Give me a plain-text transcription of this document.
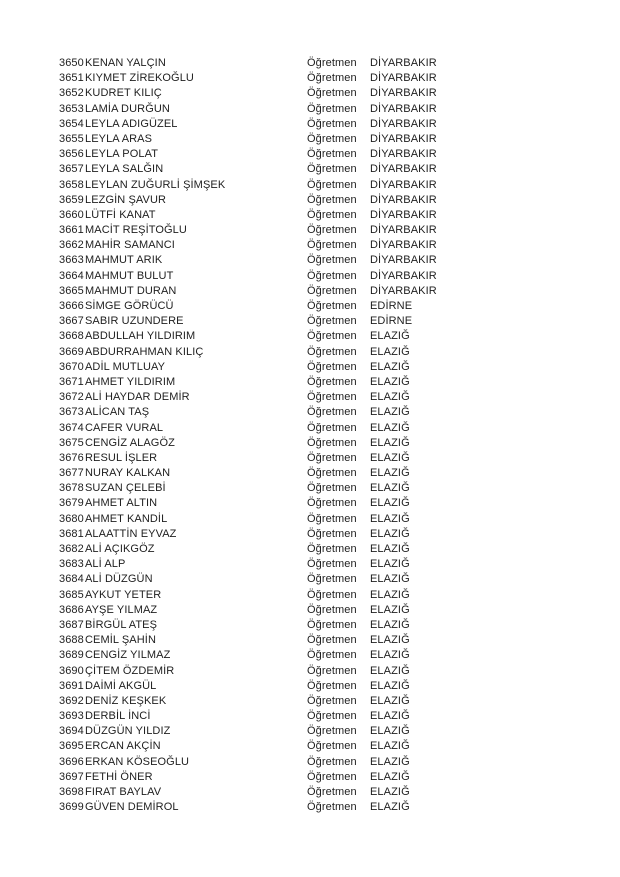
3650 KENAN YALÇIN	Öğretmen	DİYARBAKIR
3651 KIYMET ZİREKOĞLU	Öğretmen	DİYARBAKIR
3652 KUDRET KILIÇ	Öğretmen	DİYARBAKIR
3653 LAMİA DURĞUN	Öğretmen	DİYARBAKIR
3654 LEYLA ADIGÜZEL	Öğretmen	DİYARBAKIR
3655 LEYLA ARAS	Öğretmen	DİYARBAKIR
3656 LEYLA POLAT	Öğretmen	DİYARBAKIR
3657 LEYLA SALĞIN	Öğretmen	DİYARBAKIR
3658 LEYLAN ZUĞURLİ ŞİMŞEK	Öğretmen	DİYARBAKIR
3659 LEZGİN ŞAVUR	Öğretmen	DİYARBAKIR
3660 LÜTFİ KANAT	Öğretmen	DİYARBAKIR
3661 MACİT REŞİTOĞLU	Öğretmen	DİYARBAKIR
3662 MAHİR SAMANCI	Öğretmen	DİYARBAKIR
3663 MAHMUT ARIK	Öğretmen	DİYARBAKIR
3664 MAHMUT BULUT	Öğretmen	DİYARBAKIR
3665 MAHMUT DURAN	Öğretmen	DİYARBAKIR
3666 SİMGE GÖRÜCÜ	Öğretmen	EDİRNE
3667 SABIR UZUNDERE	Öğretmen	EDİRNE
3668 ABDULLAH YILDIRIM	Öğretmen	ELAZIĞ
3669 ABDURRAHMAN KILIÇ	Öğretmen	ELAZIĞ
3670 ADİL MUTLUAY	Öğretmen	ELAZIĞ
3671 AHMET YILDIRIM	Öğretmen	ELAZIĞ
3672 ALİ HAYDAR DEMİR	Öğretmen	ELAZIĞ
3673 ALİCAN TAŞ	Öğretmen	ELAZIĞ
3674 CAFER VURAL	Öğretmen	ELAZIĞ
3675 CENGİZ ALAGÖZ	Öğretmen	ELAZIĞ
3676 RESUL İŞLER	Öğretmen	ELAZIĞ
3677 NURAY KALKAN	Öğretmen	ELAZIĞ
3678 SUZAN ÇELEBİ	Öğretmen	ELAZIĞ
3679 AHMET ALTIN	Öğretmen	ELAZIĞ
3680 AHMET KANDİL	Öğretmen	ELAZIĞ
3681 ALAATTİN EYVAZ	Öğretmen	ELAZIĞ
3682 ALİ AÇIKGÖZ	Öğretmen	ELAZIĞ
3683 ALİ ALP	Öğretmen	ELAZIĞ
3684 ALİ DÜZGÜN	Öğretmen	ELAZIĞ
3685 AYKUT YETER	Öğretmen	ELAZIĞ
3686 AYŞE YILMAZ	Öğretmen	ELAZIĞ
3687 BİRGÜL ATEŞ	Öğretmen	ELAZIĞ
3688 CEMİL ŞAHİN	Öğretmen	ELAZIĞ
3689 CENGİZ YILMAZ	Öğretmen	ELAZIĞ
3690 ÇİTEM ÖZDEMİR	Öğretmen	ELAZIĞ
3691 DAİMİ AKGÜL	Öğretmen	ELAZIĞ
3692 DENİZ KEŞKEK	Öğretmen	ELAZIĞ
3693 DERBİL İNCİ	Öğretmen	ELAZIĞ
3694 DÜZGÜN YILDIZ	Öğretmen	ELAZIĞ
3695 ERCAN AKÇİN	Öğretmen	ELAZIĞ
3696 ERKAN KÖSEOĞLU	Öğretmen	ELAZIĞ
3697 FETHİ ÖNER	Öğretmen	ELAZIĞ
3698 FIRAT BAYLAV	Öğretmen	ELAZIĞ
3699 GÜVEN DEMİROL	Öğretmen	ELAZIĞ
